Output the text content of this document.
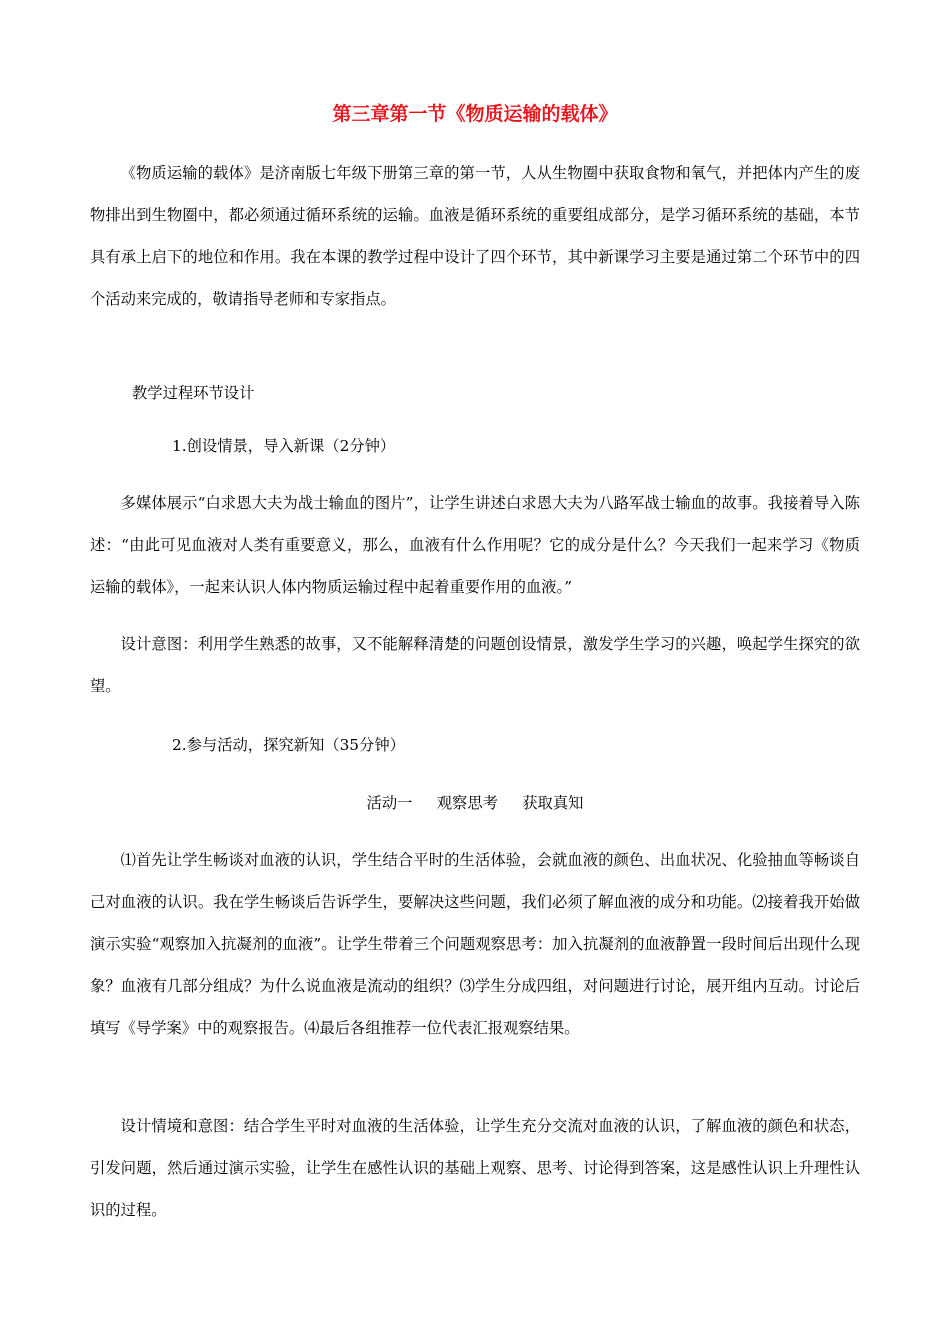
第三章第一节《物质运输的载体》

《物质运输的载体》是济南版七年级下册第三章的第一节，人从生物圈中获取食物和氧气，并把体内产生的废物排出到生物圈中，都必须通过循环系统的运输。血液是循环系统的重要组成部分，是学习循环系统的基础，本节具有承上启下的地位和作用。我在本课的教学过程中设计了四个环节，其中新课学习主要是通过第二个环节中的四个活动来完成的，敬请指导老师和专家指点。

教学过程环节设计

1.创设情景，导入新课（2分钟）

多媒体展示“白求恩大夫为战士输血的图片”，让学生讲述白求恩大夫为八路军战士输血的故事。我接着导入陈述：“由此可见血液对人类有重要意义，那么，血液有什么作用呢？它的成分是什么？今天我们一起来学习《物质运输的载体》，一起来认识人体内物质运输过程中起着重要作用的血液。”

设计意图：利用学生熟悉的故事，又不能解释清楚的问题创设情景，激发学生学习的兴趣，唤起学生探究的欲望。

2.参与活动，探究新知（35分钟）

活动一     观察思考     获取真知

⑴首先让学生畅谈对血液的认识，学生结合平时的生活体验，会就血液的颜色、出血状况、化验抽血等畅谈自己对血液的认识。我在学生畅谈后告诉学生，要解决这些问题，我们必须了解血液的成分和功能。⑵接着我开始做演示实验“观察加入抗凝剂的血液”。让学生带着三个问题观察思考：加入抗凝剂的血液静置一段时间后出现什么现象？血液有几部分组成？为什么说血液是流动的组织？⑶学生分成四组，对问题进行讨论，展开组内互动。讨论后填写《导学案》中的观察报告。⑷最后各组推荐一位代表汇报观察结果。

设计情境和意图：结合学生平时对血液的生活体验，让学生充分交流对血液的认识，了解血液的颜色和状态，引发问题，然后通过演示实验，让学生在感性认识的基础上观察、思考、讨论得到答案，这是感性认识上升理性认识的过程。
